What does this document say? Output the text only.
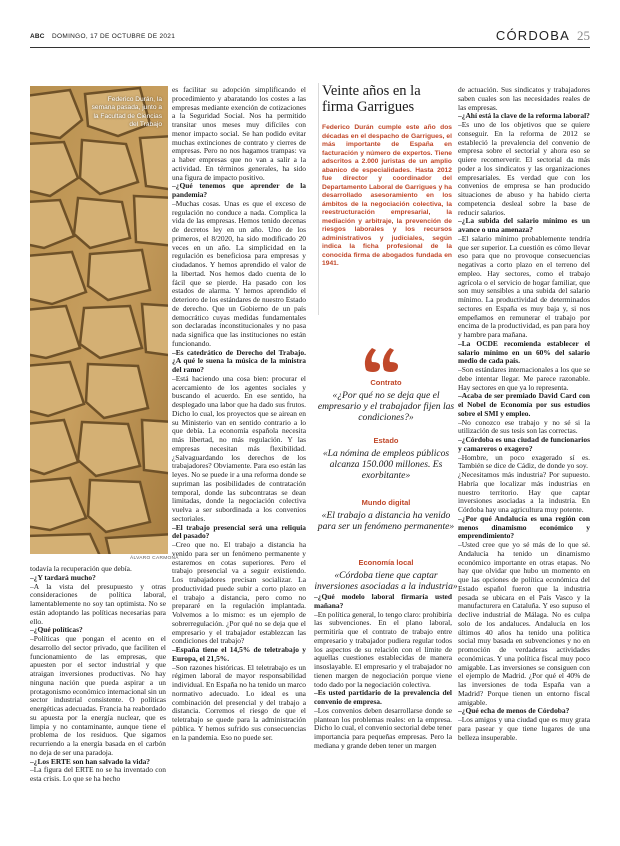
ABC DOMINGO, 17 DE OCTUBRE DE 2021	CÓRDOBA 25
Federico Durán, la semana pasada, junto a la Facultad de Ciencias del Trabajo
ÁLVARO CARMONA

todavía la recuperación que debía.

–¿Y tardará mucho?

–A la vista del presupuesto y otras consideraciones de política laboral, lamentablemente no soy tan optimista. No se están adoptando las políticas necesarias para ello.

–¿Qué políticas?

–Políticas que pongan el acento en el desarrollo del sector privado, que faciliten el funcionamiento de las empresas, que apuesten por el sector industrial y que atraigan inversiones productivas. No hay ninguna nación que pueda aspirar a un protagonismo económico internacional sin un sector industrial consistente. O políticas energéticas adecuadas. Francia ha reabordado su apuesta por la energía nuclear, que es limpia y no contaminante, aunque tiene el problema de los residuos. Que sigamos recurriendo a la energía basada en el carbón no deja de ser una paradoja.

–¿Los ERTE son han salvado la vida?

–La figura del ERTE no se ha inventado con esta crisis. Lo que se ha hecho

es facilitar su adopción simplificando el procedimiento y abaratando los costes a las empresas mediante exención de cotizaciones a la Seguridad Social. Nos ha permitido transitar unos meses muy difíciles con menor impacto social. Se han podido evitar muchas extinciones de contrato y cierres de empresas. Pero no nos hagamos trampas: va a haber empresas que no van a salir a la actividad. En términos generales, ha sido una figura de impacto positivo.

–¿Qué tenemos que aprender de la pandemia?

–Muchas cosas. Unas es que el exceso de regulación no conduce a nada. Complica la vida de las empresas. Hemos tenido decenas de decretos ley en un año. Uno de los primeros, el 8/2020, ha sido modificado 20 veces en un año. La simplicidad en la regulación es beneficiosa para empresas y ciudadanos. Y hemos aprendido el valor de la libertad. Nos hemos dado cuenta de lo fácil que se pierde. Ha pasado con los estados de alarma. Y hemos aprendido el deterioro de los estándares de nuestro Estado de derecho. Que un Gobierno de un país democrático cuyas medidas fundamentales son declaradas inconstitucionales y no pasa nada significa que las instituciones no están funcionando.

–Es catedrático de Derecho del Trabajo. ¿A qué le suena la música de la ministra del ramo?

–Está haciendo una cosa bien: procurar el acercamiento de los agentes sociales y buscando el acuerdo. En ese sentido, ha desplegado una labor que ha dado sus frutos. Dicho lo cual, los proyectos que se airean en su Ministerio van en sentido contrario a lo que debía. La economía española necesita más libertad, no más regulación. Y las empresas necesitan más flexibilidad. ¿Salvaguardando los derechos de los trabajadores? Obviamente. Para eso están las leyes. No se puede ir a una reforma donde se supriman las posibilidades de contratación temporal, donde las subcontratas se dean limitadas, donde la negociación colectiva vuelva a ser subordinada a los convenios sectoriales.

–El trabajo presencial será una reliquia del pasado?

–Creo que no. El trabajo a distancia ha venido para ser un fenómeno permanente y estaremos en cotas superiores. Pero el trabajo presencial va a seguir existiendo. Los trabajadores precisan socializar. La productividad puede subir a corto plazo en el trabajo a distancia, pero como no prepararé en la regulación implantada. Volvemos a lo mismo: es un ejemplo de sobrerregulación. ¿Por qué no se deja que el empresario y el trabajador establezcan las condiciones del trabajo?

–España tiene el 14,5% de teletrabajo y Europa, el 21,5%.

–Son razones históricas. El teletrabajo es un régimen laboral de mayor responsabilidad individual. En España no ha tenido un marco normativo adecuado. Lo ideal es una combinación del presencial y del trabajo a distancia. Corremos el riesgo de que el teletrabajo se quede para la administración pública. Y hemos sufrido sus consecuencias en la pandemia. Eso no puede ser.

–¿Qué modelo laboral firmaría usted mañana?

–En política general, lo tengo claro: prohibiría las subvenciones. En el plano laboral, permitiría que el contrato de trabajo entre empresario y trabajador pudiera regular todos los aspectos de su relación con el límite de aquellas cuestiones establecidas de manera insoslayable. El empresario y el trabajador no tienen margen de negociación porque viene todo dado por la negociación colectiva.

–Es usted partidario de la prevalencia del convenio de empresa.

–Los convenios deben desarrollarse donde se plantean los problemas reales: en la empresa. Dicho lo cual, el convenio sectorial debe tener importancia para pequeñas empresas. Pero la mediana y grande deben tener un margen

de actuación. Sus sindicatos y trabajadores saben cuales son las necesidades reales de las empresas.

–¿Ahí está la clave de la reforma laboral?

–Es uno de los objetivos que se quiere conseguir. En la reforma de 2012 se estableció la prevalencia del convenio de empresa sobre el sectorial y ahora eso se quiere recomerverir. El sectorial da más poder a los sindicatos y las organizaciones empresariales. Es verdad que con los convenios de empresa se han producido situaciones de abuso y ha habido cierta competencia desleal sobre la base de reducir salarios.

–¿La subida del salario mínimo es un avance o una amenaza?

–El salario mínimo probablemente tendría que ser superior. La cuestión es cómo llevar eso para que no provoque consecuencias negativas a corto plazo en el terreno del empleo. Hay sectores, como el trabajo agrícola o el servicio de hogar familiar, que son muy sensibles a una subida del salario mínimo. La productividad de determinados sectores en España es muy baja y, si nos empeñamos en remunerar el trabajo por encima de la productividad, es pan para hoy y hambre para mañana.

–La OCDE recomienda establecer el salario mínimo en un 60% del salario medio de cada país.

–Son estándares internacionales a los que se debe intentar llegar. Me parece razonable. Hay sectores en que ya lo representa.

–Acaba de ser premiado David Card con el Nobel de Economía por sus estudios sobre el SMI y empleo.

–No conozco ese trabajo y no sé si la utilización de sus tesis son las correctas.

–¿Córdoba es una ciudad de funcionarios y camareros o exagero?

–Hombre, un poco exagerado sí es. También se dice de Cádiz, de donde yo soy.

¿Necesitamos más industria? Por supuesto. Habría que localizar más industrias en nuestro territorio. Hay que captar inversiones asociadas a la industria. En Córdoba hay una agricultura muy potente.

–¿Por qué Andalucía es una región con menos dinamismo económico y emprendimiento?

–Usted cree que yo sé más de lo que sé. Andalucía ha tenido un dinamismo económico importante en otras etapas. No hay que olvidar que hubo un momento en que las opciones de política económica del Estado español fueron que la industria pesada se ubicara en el País Vasco y la manufacturera en Cataluña. Y eso supuso el declive industrial de Málaga. No es culpa solo de los andaluces. Andalucía en los últimos 40 años ha tenido una política social muy basada en subvenciones y no en promoción de verdaderas actividades económicas. Y una política fiscal muy poco amigable. Las inversiones se consiguen con el ejemplo de Madrid. ¿Por qué el 40% de las inversiones de toda España van a Madrid? Porque tienen un entorno fiscal amigable.

–¿Qué echa de menos de Córdoba?

–Los amigos y una ciudad que es muy grata para pasear y que tiene lugares de una belleza insuperable.

Veinte años en la firma Garrigues
Federico Durán cumple este año dos décadas en el despacho de Garrigues, el más importante de España en facturación y número de expertos. Tiene adscritos a 2.000 juristas de un amplio abanico de especialidades. Hasta 2012 fue director y coordinador del Departamento Laboral de Garrigues y ha desarrollado asesoramiento en los ámbitos de la negociación colectiva, la reestructuración empresarial, la mediación y arbitraje, la prevención de riesgos laborales y los recursos administrativos y judiciales, según indica la ficha profesional de la conocida firma de abogados fundada en 1941.
Contrato
«¿Por qué no se deja que el empresario y el trabajador fijen las condiciones?»
Estado
«La nómina de empleos públicos alcanza 150.000 millones. Es exorbitante»
Mundo digital
«El trabajo a distancia ha venido para ser un fenómeno permanente»
Economía local
«Córdoba tiene que captar inversiones asociadas a la industria»
